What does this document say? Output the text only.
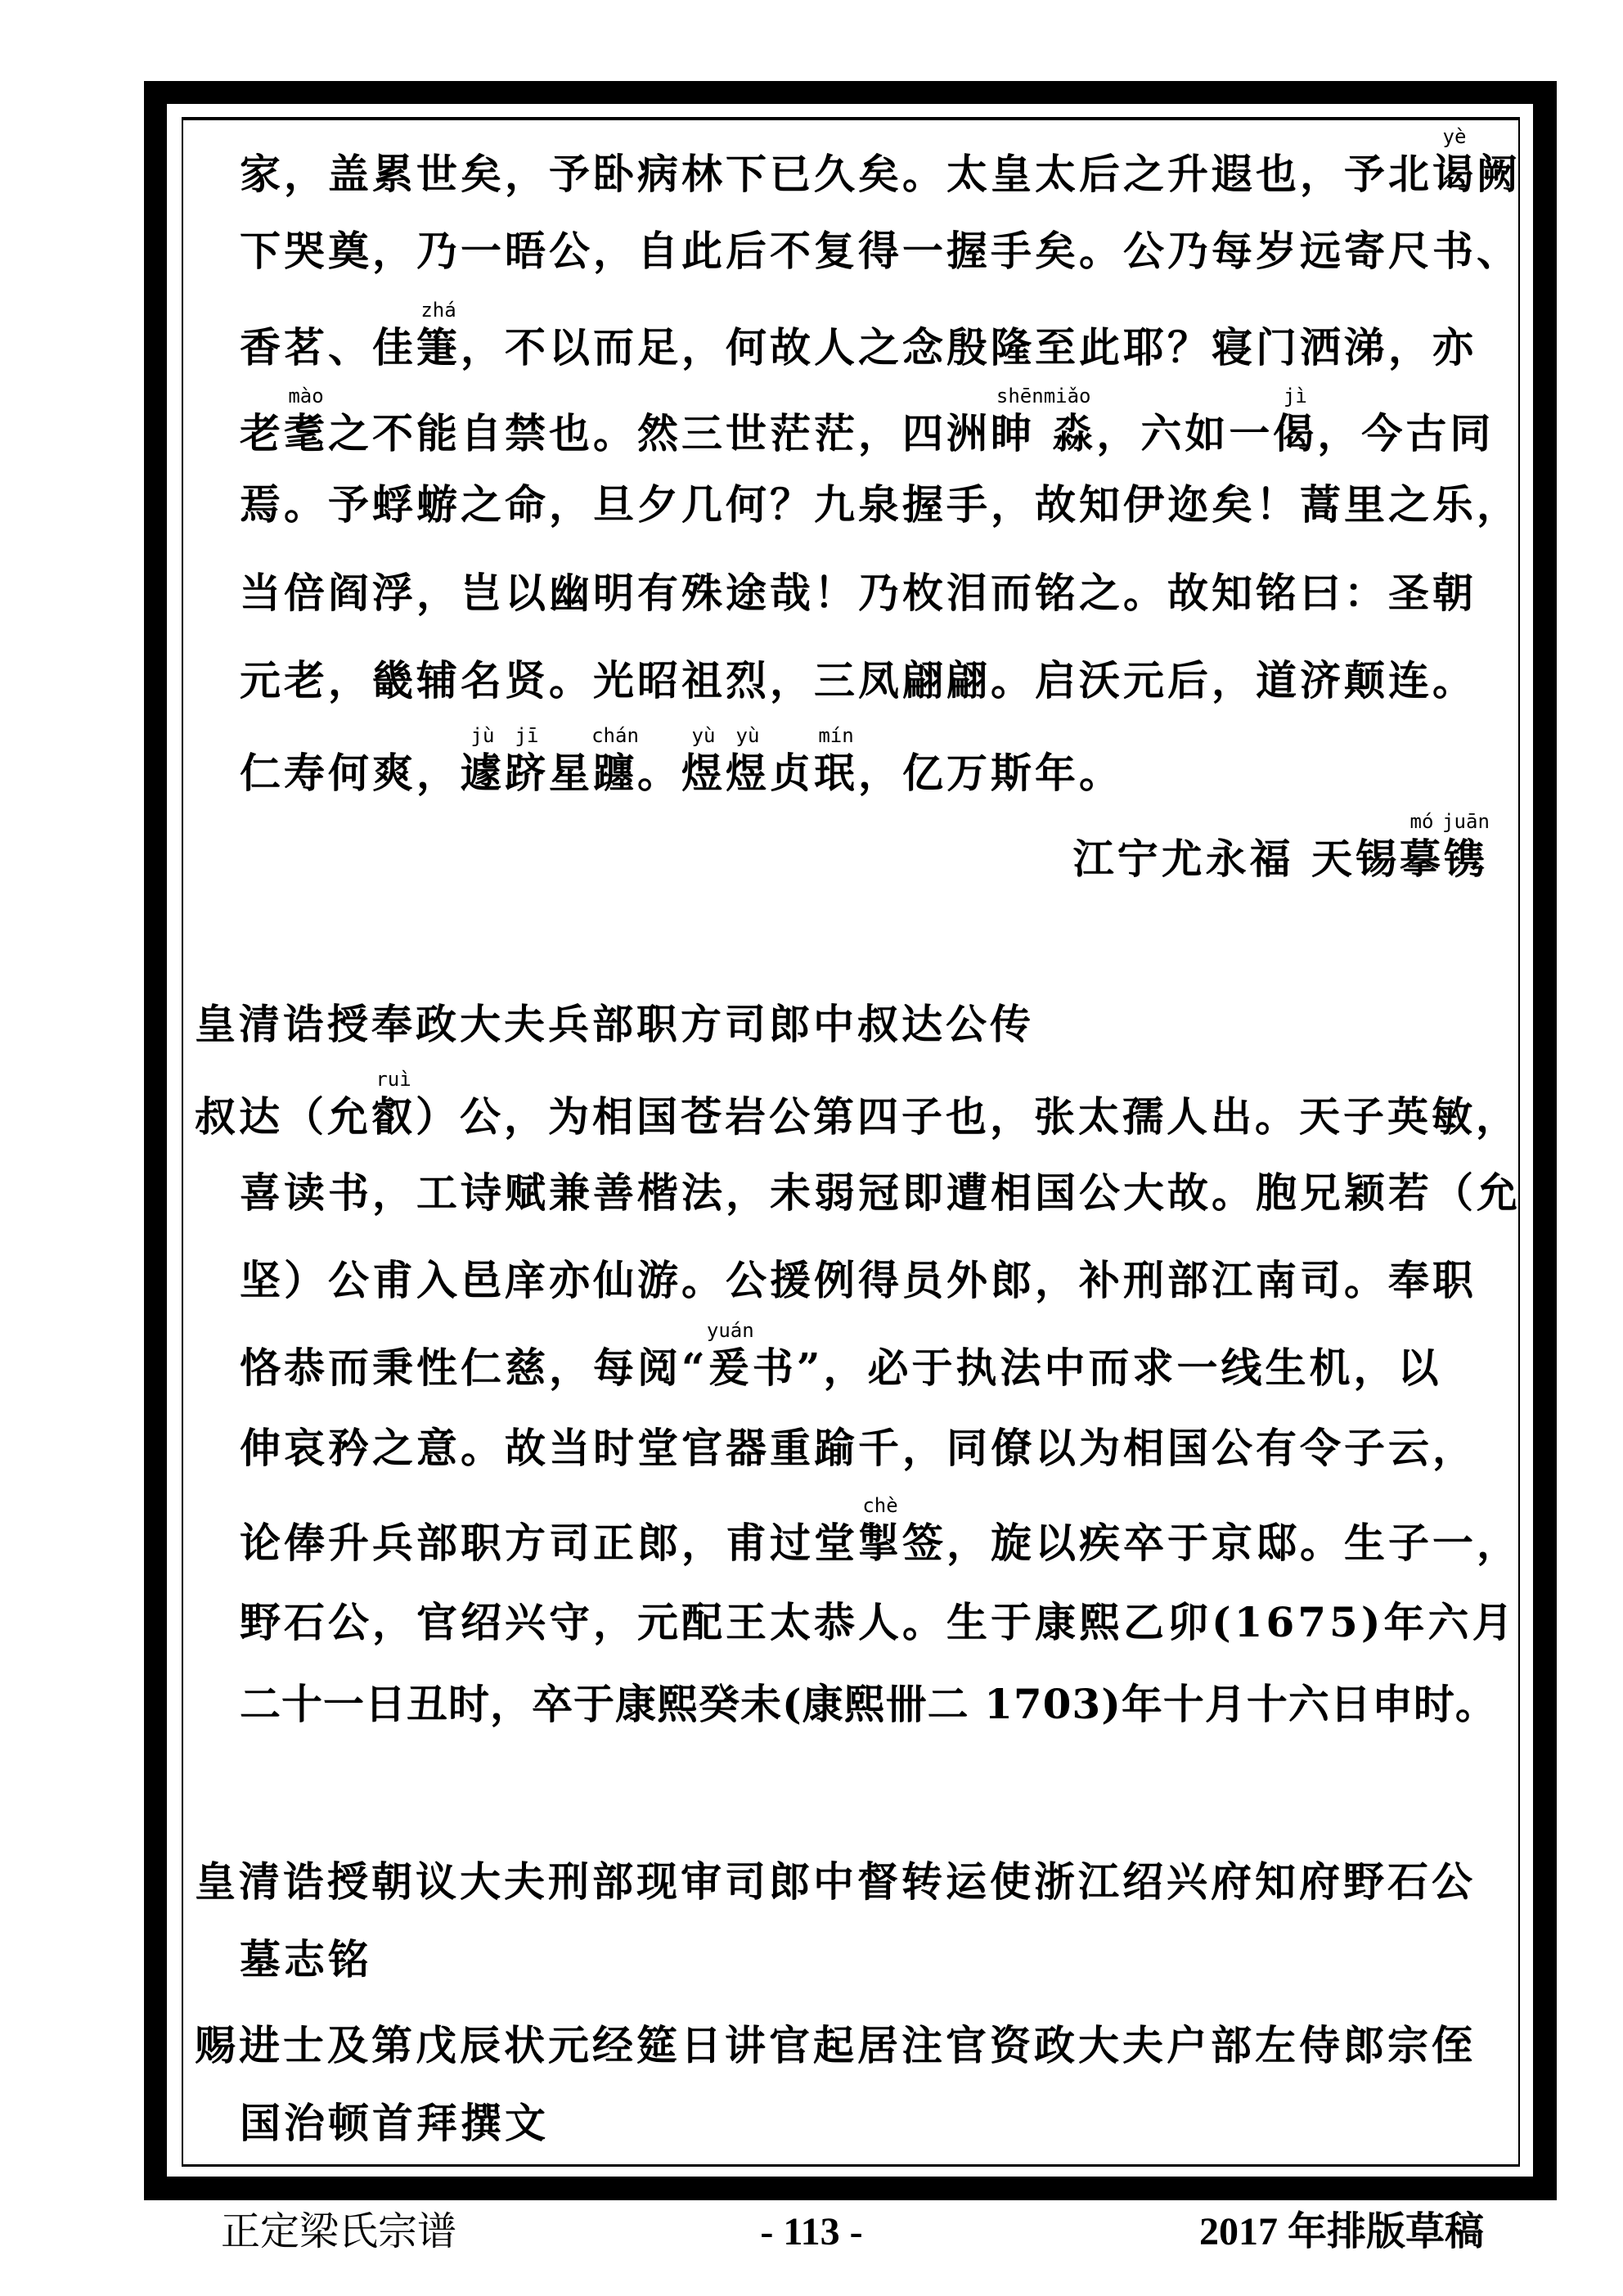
家，盖累世矣，予卧病林下已久矣。太皇太后之升遐也，予北
yè
谒阙
下哭奠，乃一晤公，自此后不复得一握手矣。公乃每岁远寄尺书、
香茗、佳
zhá
箑，不以而足，何故人之念殷隆至此耶？寝门洒涕，亦
老
mào
耄之不能自禁也。然三世茫茫，四洲
shēnmiǎo
眒 淼，六如一
jì
偈，今古同
焉。予蜉蝣之命，旦夕几何？九泉握手，故知伊迩矣！蒿里之乐，
当倍阎浮，岂以幽明有殊途哉！乃枚泪而铭之。故知铭曰：圣朝
元老，畿辅名贤。光昭祖烈，三凤翩翩。启沃元后，道济颠连。
仁寿何爽，
jù
遽
jī
跻星
chán
躔。
yù
煜
yù
煜贞
mín
珉，亿万斯年。
江宁尤永福 天锡
mó
摹
juān
镌
皇清诰授奉政大夫兵部职方司郎中叔达公传
叔达（允
ruì
叡）公，为相国苍岩公第四子也，张太孺人出。天子英敏，
喜读书，工诗赋兼善楷法，未弱冠即遭相国公大故。胞兄颖若（允
坚）公甫入邑庠亦仙游。公援例得员外郎，补刑部江南司。奉职
恪恭而秉性仁慈，每阅“
yuán
爰书”，必于执法中而求一线生机，以
伸哀矜之意。故当时堂官器重踰千，同僚以为相国公有令子云，
论俸升兵部职方司正郎，甫过堂
chè
掣签，旋以疾卒于京邸。生子一，
野石公，官绍兴守，元配王太恭人。生于康熙乙卯(1675)年六月
二十一日丑时，卒于康熙癸未(康熙卌二 1703)年十月十六日申时。
皇清诰授朝议大夫刑部现审司郎中督转运使浙江绍兴府知府野石公
墓志铭
赐进士及第戊辰状元经筵日讲官起居注官资政大夫户部左侍郎宗侄
国治顿首拜撰文
正定梁氏宗谱	- 113 -	2017 年排版草稿
